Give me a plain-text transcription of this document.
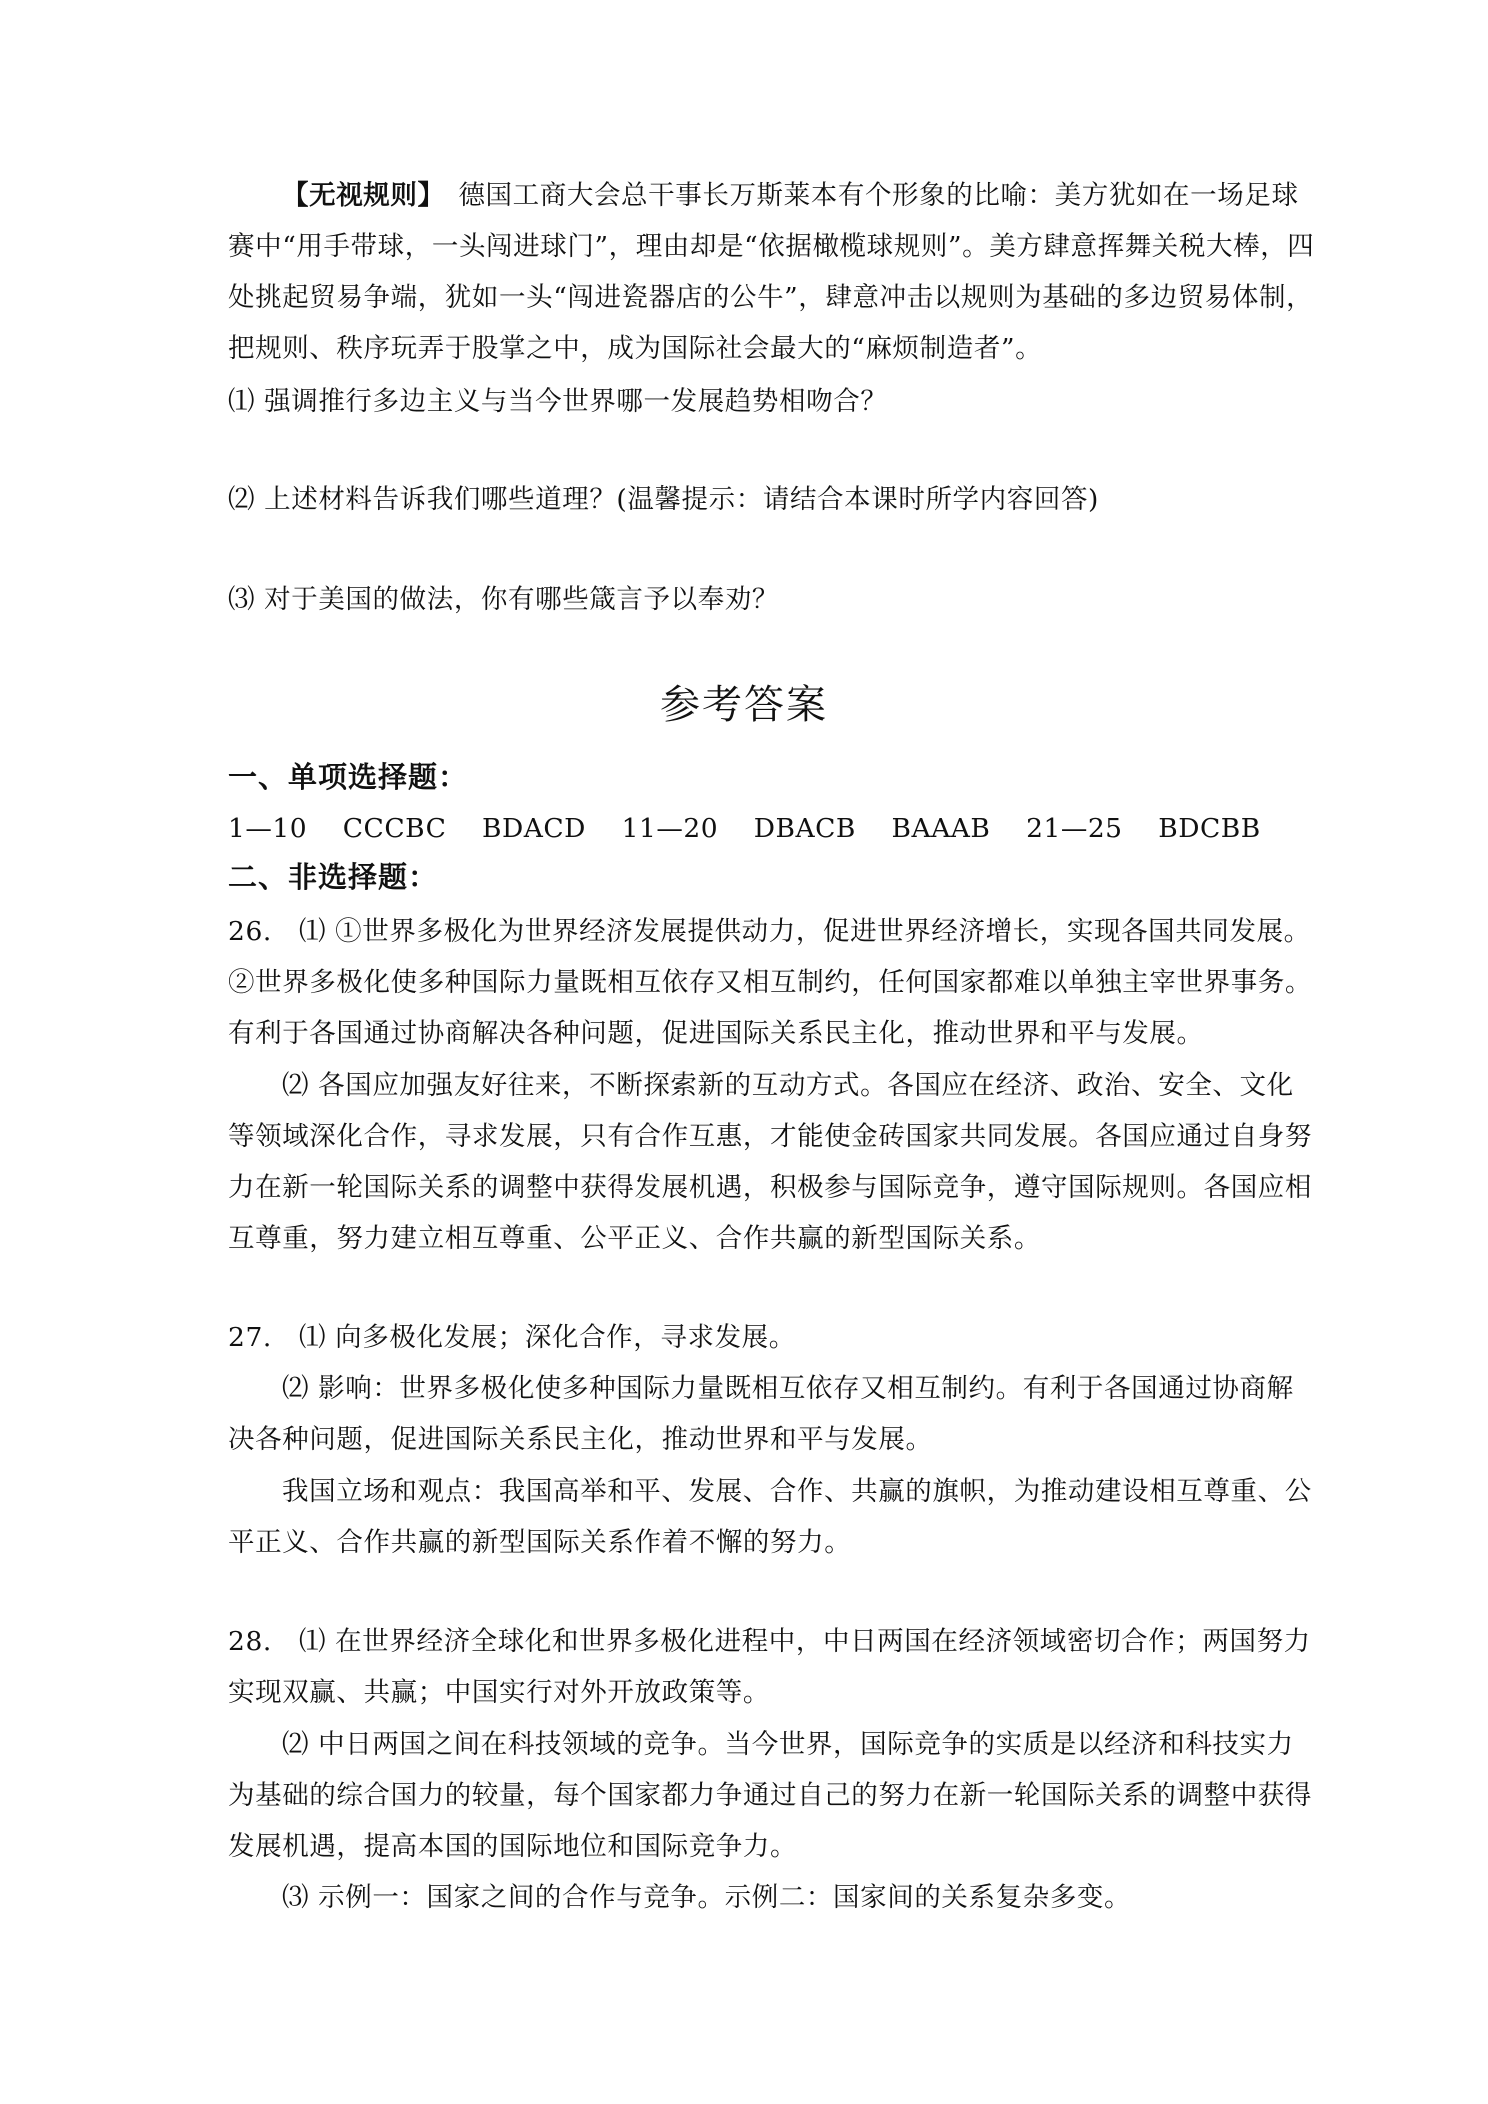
【无视规则】　德国工商大会总干事长万斯莱本有个形象的比喻：美方犹如在一场足球
赛中“用手带球，一头闯进球门”，理由却是“依据橄榄球规则”。美方肆意挥舞关税大棒，四
处挑起贸易争端，犹如一头“闯进瓷器店的公牛”，肆意冲击以规则为基础的多边贸易体制，
把规则、秩序玩弄于股掌之中，成为国际社会最大的“麻烦制造者”。
⑴ 强调推行多边主义与当今世界哪一发展趋势相吻合？
⑵ 上述材料告诉我们哪些道理？(温馨提示：请结合本课时所学内容回答)
⑶ 对于美国的做法，你有哪些箴言予以奉劝？
参考答案
一、单项选择题：
1—10    CCCBC    BDACD    11—20    DBACB    BAAAB    21—25    BDCBB
二、非选择题：
26.　⑴ ①世界多极化为世界经济发展提供动力，促进世界经济增长，实现各国共同发展。
②世界多极化使多种国际力量既相互依存又相互制约，任何国家都难以单独主宰世界事务。
有利于各国通过协商解决各种问题，促进国际关系民主化，推动世界和平与发展。
⑵ 各国应加强友好往来，不断探索新的互动方式。各国应在经济、政治、安全、文化
等领域深化合作，寻求发展，只有合作互惠，才能使金砖国家共同发展。各国应通过自身努
力在新一轮国际关系的调整中获得发展机遇，积极参与国际竞争，遵守国际规则。各国应相
互尊重，努力建立相互尊重、公平正义、合作共赢的新型国际关系。
27.　⑴ 向多极化发展；深化合作，寻求发展。
⑵ 影响：世界多极化使多种国际力量既相互依存又相互制约。有利于各国通过协商解
决各种问题，促进国际关系民主化，推动世界和平与发展。
我国立场和观点：我国高举和平、发展、合作、共赢的旗帜，为推动建设相互尊重、公
平正义、合作共赢的新型国际关系作着不懈的努力。
28.　⑴ 在世界经济全球化和世界多极化进程中，中日两国在经济领域密切合作；两国努力
实现双赢、共赢；中国实行对外开放政策等。
⑵ 中日两国之间在科技领域的竞争。当今世界，国际竞争的实质是以经济和科技实力
为基础的综合国力的较量，每个国家都力争通过自己的努力在新一轮国际关系的调整中获得
发展机遇，提高本国的国际地位和国际竞争力。
⑶ 示例一：国家之间的合作与竞争。示例二：国家间的关系复杂多变。
